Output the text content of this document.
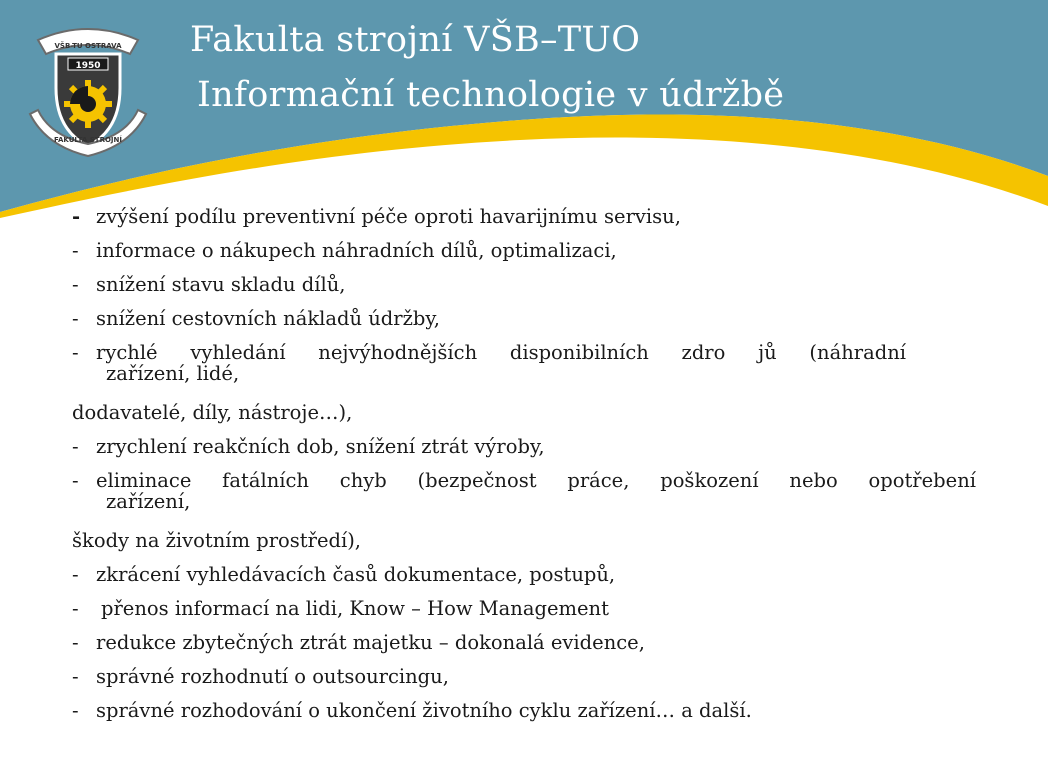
VŠB-TU OSTRAVA
1950
FAKULTA STROJNÍ
Fakulta strojní VŠB–TUO
Informační technologie v údržbě
- zvýšení podílu preventivní péče oproti havarijnímu servisu,
- informace o nákupech náhradních dílů, optimalizaci,
- snížení stavu skladu dílů,
- snížení cestovních nákladů údržby,
- rychlé vyhledání nejvýhodnějších disponibilních zdro jů (náhradní
zařízení, lidé,
dodavatelé, díly, nástroje…),
- zrychlení reakčních dob, snížení ztrát výroby,
- eliminace fatálních chyb (bezpečnost práce, poškození nebo opotřebení
zařízení,
škody na životním prostředí),
- zkrácení vyhledávacích časů dokumentace, postupů,
-	přenos informací na lidi, Know – How Management
- redukce zbytečných ztrát majetku – dokonalá evidence,
- správné rozhodnutí o outsourcingu,
- správné rozhodování o ukončení životního cyklu zařízení… a další.
